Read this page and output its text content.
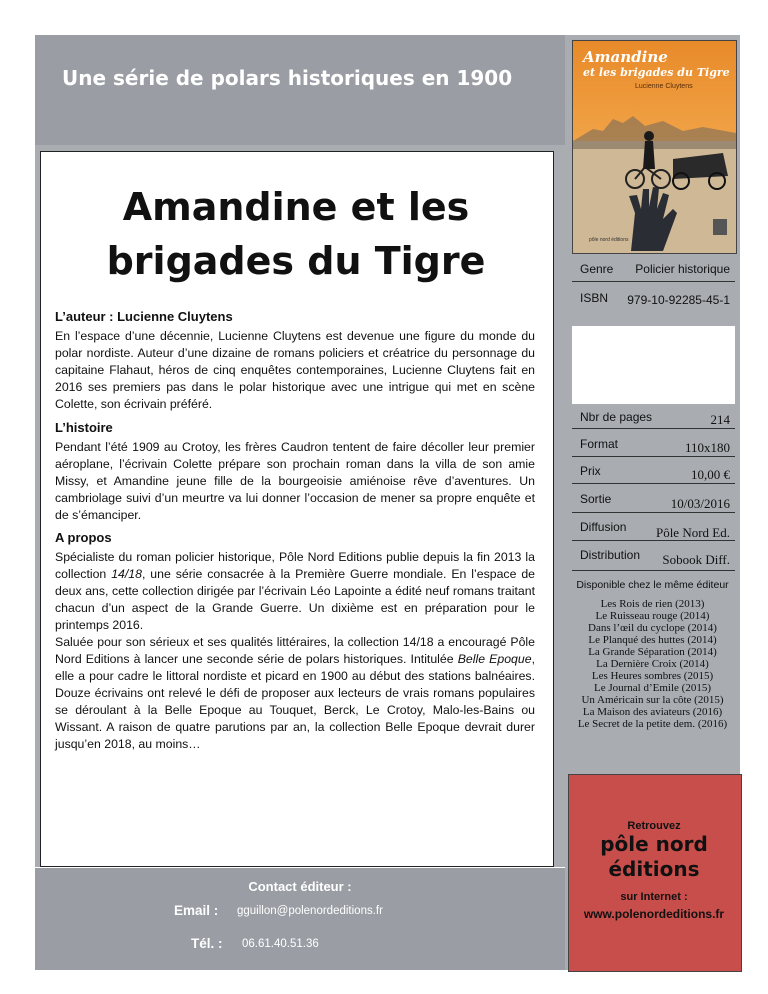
Une série de polars historiques en 1900
Amandine et les brigades du Tigre
L’auteur : Lucienne Cluytens
En l’espace d’une décennie, Lucienne Cluytens est devenue une figure du monde du polar nordiste. Auteur d’une dizaine de romans policiers et créatrice du personnage du capitaine Flahaut, héros de cinq enquêtes contemporaines, Lucienne Cluytens fait en 2016 ses premiers pas dans le polar historique avec une intrigue qui met en scène Colette, son écrivain préféré.
L’histoire
Pendant l’été 1909 au Crotoy, les frères Caudron tentent de faire décoller leur premier aéroplane, l’écrivain Colette prépare son prochain roman dans la villa de son amie Missy, et Amandine jeune fille de la bourgeoisie amiénoise rêve d’aventures. Un cambriolage suivi d’un meurtre va lui donner l’occasion de mener sa propre enquête et de s’émanciper.
A propos
Spécialiste du roman policier historique, Pôle Nord Editions publie depuis la fin 2013 la collection 14/18, une série consacrée à la Première Guerre mondiale. En l’espace de deux ans, cette collection dirigée par l’écrivain Léo Lapointe a édité neuf romans traitant chacun d’un aspect de la Grande Guerre. Un dixième est en préparation pour le printemps 2016.
Saluée pour son sérieux et ses qualités littéraires, la collection 14/18 a encouragé Pôle Nord Editions à lancer une seconde série de polars historiques. Intitulée Belle Epoque, elle a pour cadre le littoral nordiste et picard en 1900 au début des stations balnéaires. Douze écrivains ont relevé le défi de proposer aux lecteurs de vrais romans populaires se déroulant à la Belle Epoque au Touquet, Berck, Le Crotoy, Malo-les-Bains ou Wissant. A raison de quatre parutions par an, la collection Belle Epoque devrait durer jusqu’en 2018, au moins…
Amandine
et les brigades du Tigre
Lucienne Cluytens
pôle nord éditions
Genre Policier historique
ISBN 979-10-92285-45-1
Nbr de pages	214
Format	110x180
Prix	10,00 €
Sortie	10/03/2016
Diffusion Pôle Nord Ed.
Distribution Sobook Diff.
Disponible chez le même éditeur
Les Rois de rien (2013)
Le Ruisseau rouge (2014)
Dans l’œil du cyclope (2014)
Le Planqué des huttes (2014)
La Grande Séparation (2014)
La Dernière Croix (2014)
Les Heures sombres (2015)
Le Journal d’Emile (2015)
Un Américain sur la côte (2015)
La Maison des aviateurs (2016)
Le Secret de la petite dem. (2016)
Retrouvez
pôle nord
éditions
sur Internet :
www.polenordeditions.fr
Contact éditeur :
Email : gguillon@polenordeditions.fr
Tél. : 06.61.40.51.36
